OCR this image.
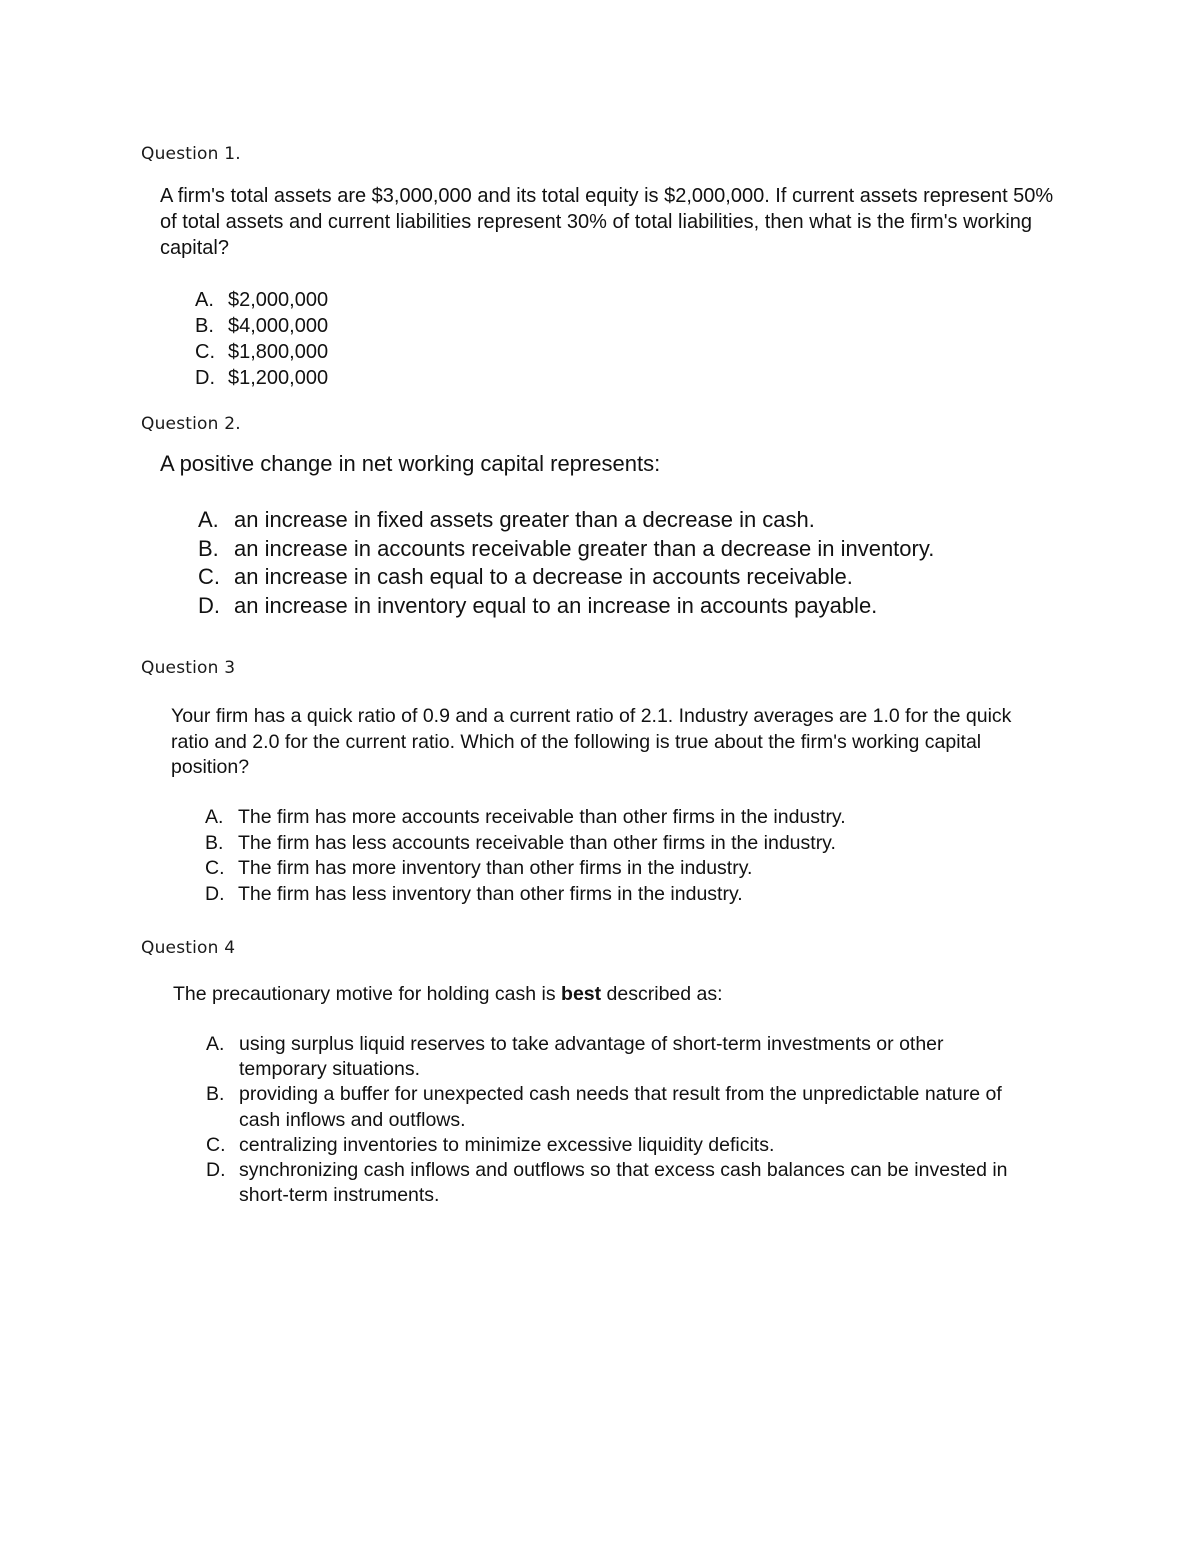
Question 1.
A firm's total assets are $3,000,000 and its total equity is $2,000,000. If current assets represent 50% of total assets and current liabilities represent 30% of total liabilities, then what is the firm's working capital?
A. $2,000,000
B. $4,000,000
C. $1,800,000
D. $1,200,000
Question 2.
A positive change in net working capital represents:
A. an increase in fixed assets greater than a decrease in cash.
B. an increase in accounts receivable greater than a decrease in inventory.
C. an increase in cash equal to a decrease in accounts receivable.
D. an increase in inventory equal to an increase in accounts payable.
Question 3
Your firm has a quick ratio of 0.9 and a current ratio of 2.1. Industry averages are 1.0 for the quick ratio and 2.0 for the current ratio. Which of the following is true about the firm's working capital position?
A. The firm has more accounts receivable than other firms in the industry.
B. The firm has less accounts receivable than other firms in the industry.
C. The firm has more inventory than other firms in the industry.
D. The firm has less inventory than other firms in the industry.
Question 4
The precautionary motive for holding cash is best described as:
A. using surplus liquid reserves to take advantage of short-term investments or other temporary situations.
B. providing a buffer for unexpected cash needs that result from the unpredictable nature of cash inflows and outflows.
C. centralizing inventories to minimize excessive liquidity deficits.
D. synchronizing cash inflows and outflows so that excess cash balances can be invested in short-term instruments.
